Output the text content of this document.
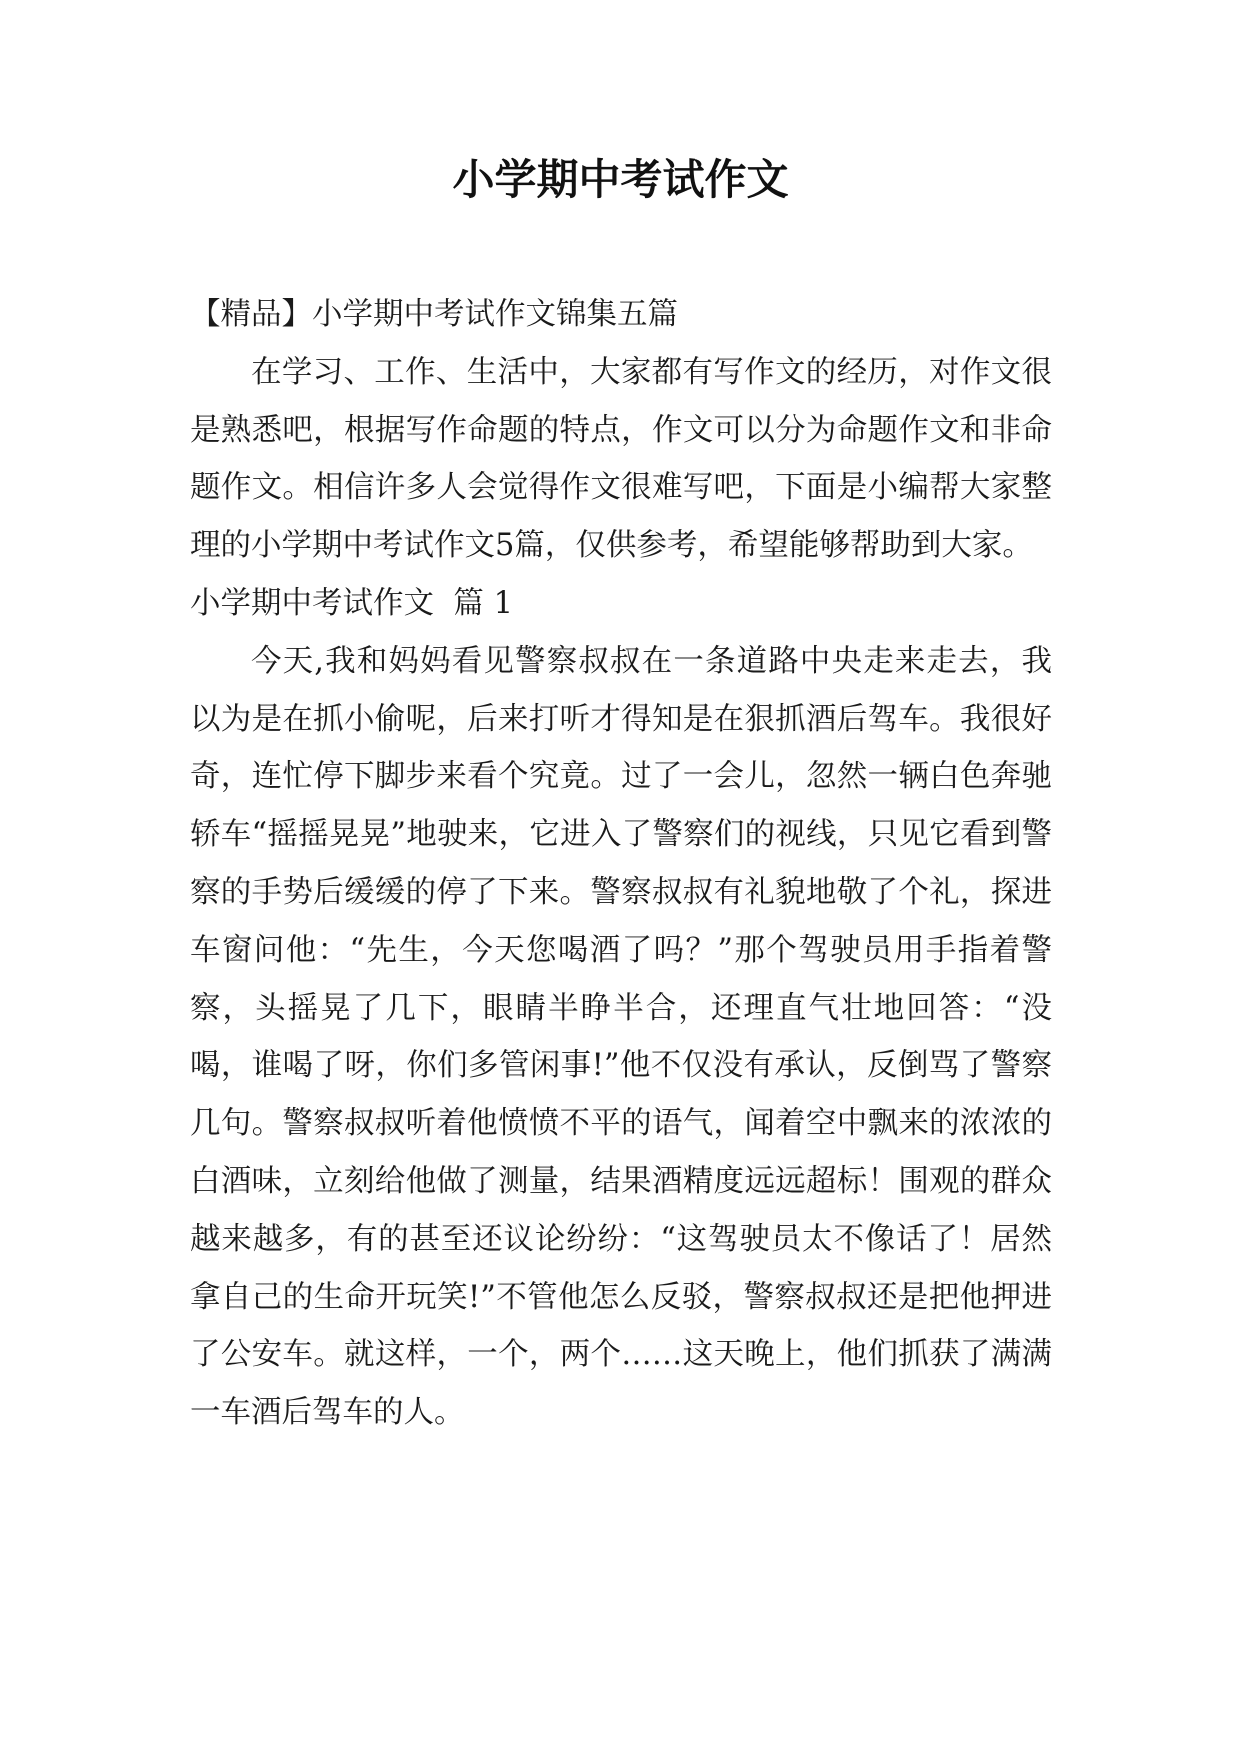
小学期中考试作文

【精品】小学期中考试作文锦集五篇

在学习、工作、生活中，大家都有写作文的经历，对作文很是熟悉吧，根据写作命题的特点，作文可以分为命题作文和非命题作文。相信许多人会觉得作文很难写吧，下面是小编帮大家整理的小学期中考试作文5篇，仅供参考，希望能够帮助到大家。

小学期中考试作文  篇 1

今天,我和妈妈看见警察叔叔在一条道路中央走来走去，我以为是在抓小偷呢，后来打听才得知是在狠抓酒后驾车。我很好奇，连忙停下脚步来看个究竟。过了一会儿，忽然一辆白色奔驰轿车“摇摇晃晃”地驶来，它进入了警察们的视线，只见它看到警察的手势后缓缓的停了下来。警察叔叔有礼貌地敬了个礼，探进车窗问他：“先生，今天您喝酒了吗？”那个驾驶员用手指着警察，头摇晃了几下，眼睛半睁半合，还理直气壮地回答：“没喝，谁喝了呀，你们多管闲事!”他不仅没有承认，反倒骂了警察几句。警察叔叔听着他愤愤不平的语气，闻着空中飘来的浓浓的白酒味，立刻给他做了测量，结果酒精度远远超标！围观的群众越来越多，有的甚至还议论纷纷：“这驾驶员太不像话了！居然拿自己的生命开玩笑!”不管他怎么反驳，警察叔叔还是把他押进了公安车。就这样，一个，两个……这天晚上，他们抓获了满满一车酒后驾车的人。
